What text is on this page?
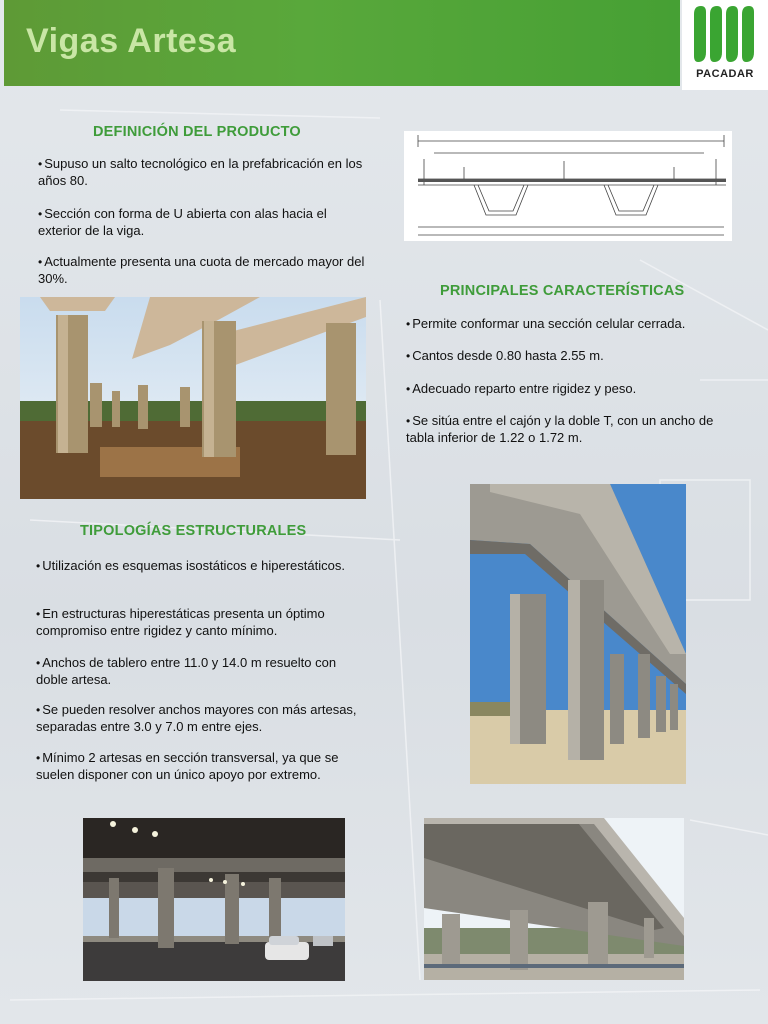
Vigas Artesa
PACADAR
DEFINICIÓN DEL PRODUCTO
• Supuso un salto tecnológico en la prefabricación en los años 80.
• Sección con forma de U abierta con alas hacia el exterior de la viga.
• Actualmente presenta una cuota de mercado mayor del 30%.
PRINCIPALES CARACTERÍSTICAS
• Permite conformar una sección celular cerrada.
• Cantos desde 0.80 hasta 2.55 m.
• Adecuado reparto entre rigidez y peso.
• Se sitúa entre el cajón y la doble T, con un ancho de tabla inferior de 1.22 o 1.72 m.
TIPOLOGÍAS ESTRUCTURALES
• Utilización es esquemas isostáticos e hiperestáticos.
• En estructuras hiperestáticas presenta un óptimo compromiso entre rigidez y canto mínimo.
• Anchos de tablero entre 11.0 y 14.0 m resuelto con doble artesa.
• Se pueden resolver anchos mayores con más artesas, separadas entre 3.0 y 7.0 m entre ejes.
• Mínimo 2 artesas en sección transversal, ya que se suelen disponer con un único apoyo por extremo.
